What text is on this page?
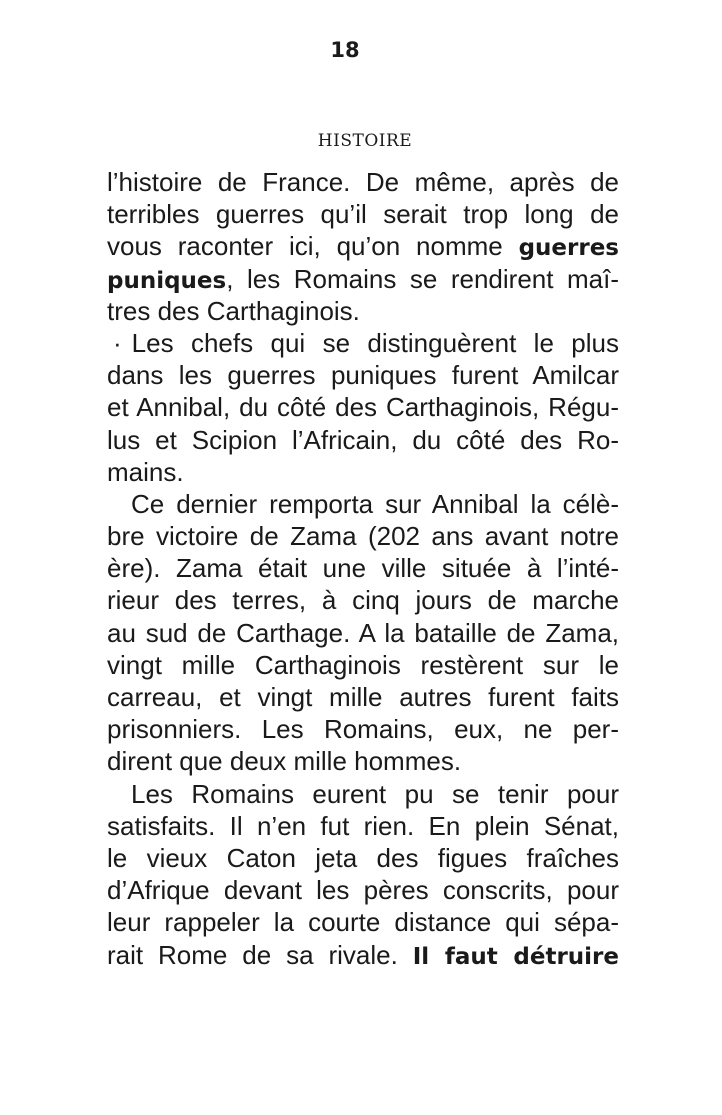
18
HISTOIRE
l’histoire de France. De même, après de
terribles guerres qu’il serait trop long de
vous raconter ici, qu’on nomme guerres
puniques, les Romains se rendirent maî-
tres des Carthaginois.
· Les chefs qui se distinguèrent le plus
dans les guerres puniques furent Amilcar
et Annibal, du côté des Carthaginois, Régu-
lus et Scipion l’Africain, du côté des Ro-
mains.
Ce dernier remporta sur Annibal la célè-
bre victoire de Zama (202 ans avant notre
ère). Zama était une ville située à l’inté-
rieur des terres, à cinq jours de marche
au sud de Carthage. A la bataille de Zama,
vingt mille Carthaginois restèrent sur le
carreau, et vingt mille autres furent faits
prisonniers. Les Romains, eux, ne per-
dirent que deux mille hommes.
Les Romains eurent pu se tenir pour
satisfaits. Il n’en fut rien. En plein Sénat,
le vieux Caton jeta des figues fraîches
d’Afrique devant les pères conscrits, pour
leur rappeler la courte distance qui sépa-
rait Rome de sa rivale. Il faut détruire
